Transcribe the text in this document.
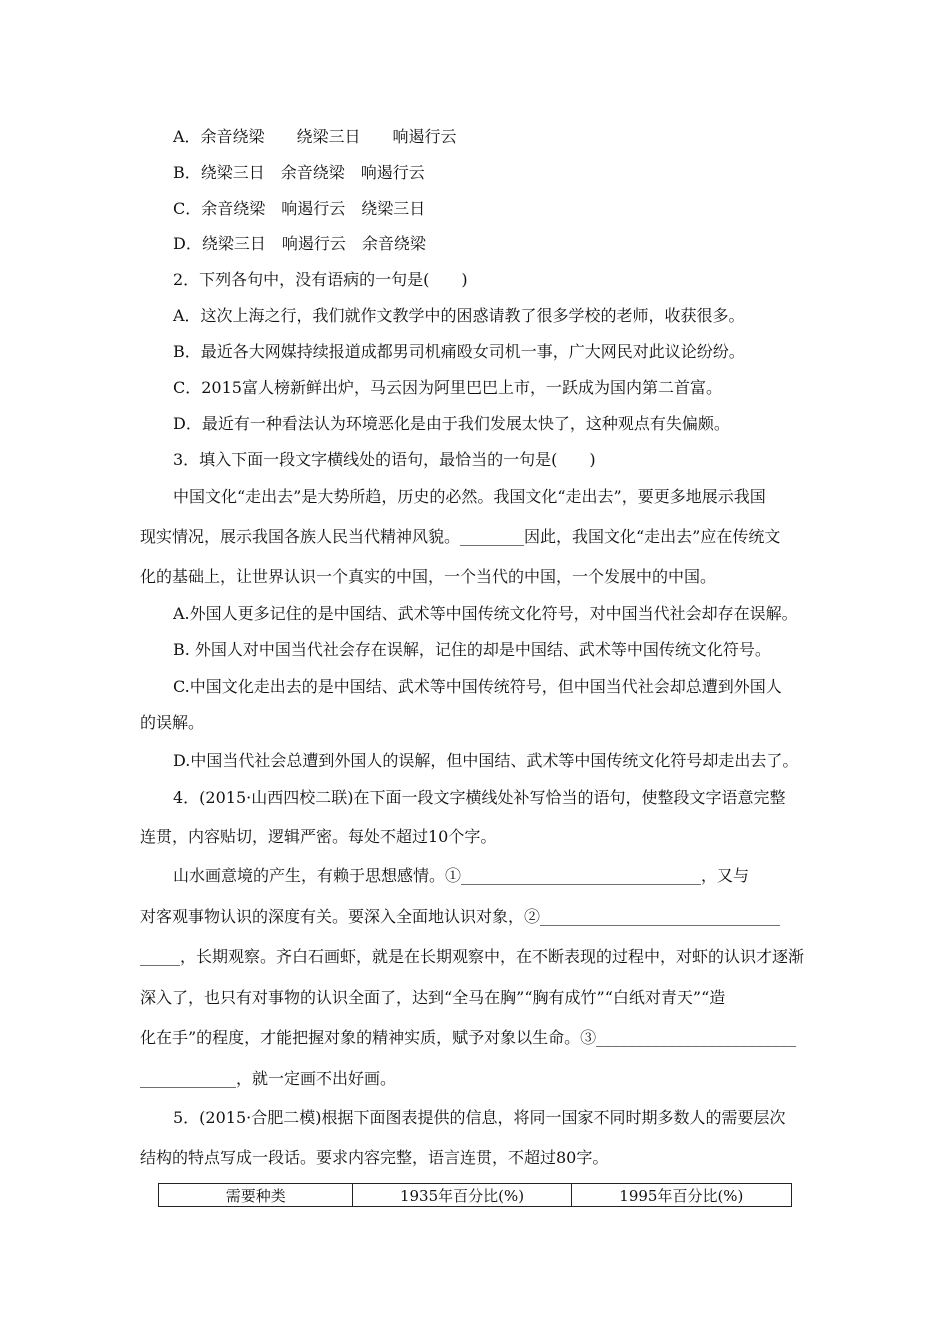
A．余音绕梁　　绕梁三日　　响遏行云
B．绕梁三日　余音绕梁　响遏行云
C．余音绕梁　响遏行云　绕梁三日
D．绕梁三日　响遏行云　余音绕梁
2．下列各句中，没有语病的一句是(　　)
A．这次上海之行，我们就作文教学中的困惑请教了很多学校的老师，收获很多。
B．最近各大网媒持续报道成都男司机痛殴女司机一事，广大网民对此议论纷纷。
C．2015富人榜新鲜出炉，马云因为阿里巴巴上市，一跃成为国内第二首富。
D．最近有一种看法认为环境恶化是由于我们发展太快了，这种观点有失偏颇。
3．填入下面一段文字横线处的语句，最恰当的一句是(　　)
中国文化“走出去”是大势所趋，历史的必然。我国文化“走出去”，要更多地展示我国
现实情况，展示我国各族人民当代精神风貌。________因此，我国文化“走出去”应在传统文
化的基础上，让世界认识一个真实的中国，一个当代的中国，一个发展中的中国。
A.外国人更多记住的是中国结、武术等中国传统文化符号，对中国当代社会却存在误解。
B. 外国人对中国当代社会存在误解，记住的却是中国结、武术等中国传统文化符号。
C.中国文化走出去的是中国结、武术等中国传统符号，但中国当代社会却总遭到外国人
的误解。
D.中国当代社会总遭到外国人的误解，但中国结、武术等中国传统文化符号却走出去了。
4．(2015·山西四校二联)在下面一段文字横线处补写恰当的语句，使整段文字语意完整
连贯，内容贴切，逻辑严密。每处不超过10个字。
山水画意境的产生，有赖于思想感情。①______________________________，又与
对客观事物认识的深度有关。要深入全面地认识对象，②______________________________
_____，长期观察。齐白石画虾，就是在长期观察中，在不断表现的过程中，对虾的认识才逐渐
深入了，也只有对事物的认识全面了，达到“全马在胸”“胸有成竹”“白纸对青天”“造
化在手”的程度，才能把握对象的精神实质，赋予对象以生命。③_________________________
____________，就一定画不出好画。
5．(2015·合肥二模)根据下面图表提供的信息，将同一国家不同时期多数人的需要层次
结构的特点写成一段话。要求内容完整，语言连贯，不超过80字。
需要种类	1935年百分比(%)	1995年百分比(%)
